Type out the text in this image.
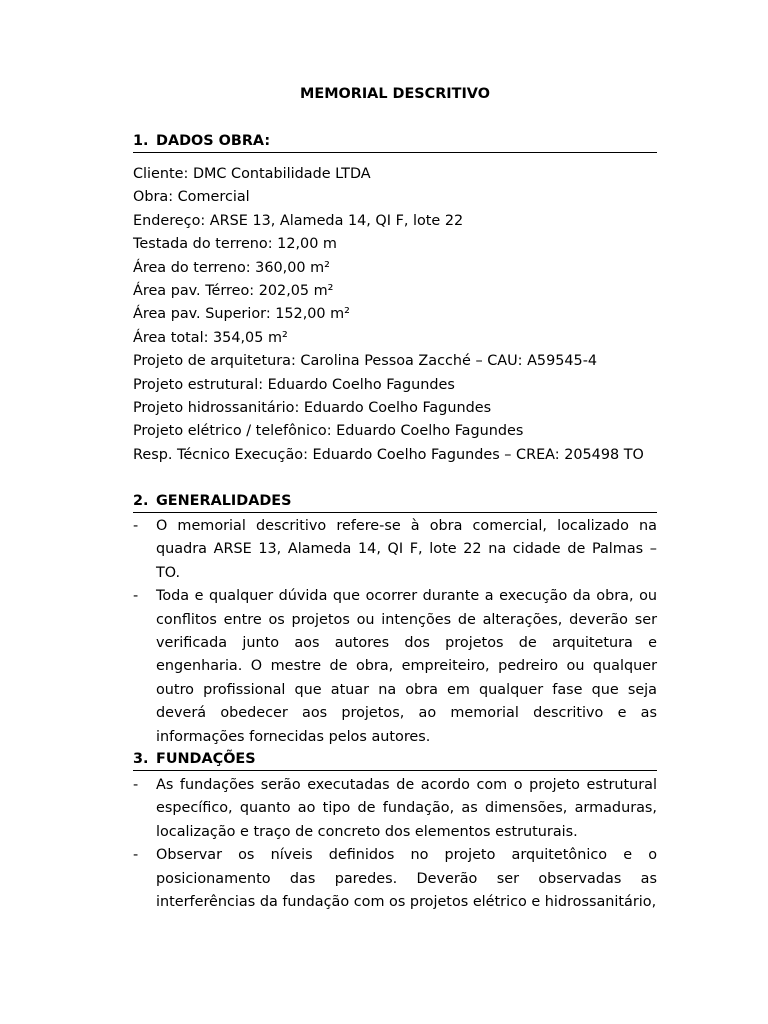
MEMORIAL DESCRITIVO
1. DADOS OBRA:
Cliente: DMC Contabilidade LTDA
Obra: Comercial
Endereço: ARSE 13, Alameda 14, QI F, lote 22
Testada do terreno: 12,00 m
Área do terreno: 360,00 m²
Área pav. Térreo: 202,05 m²
Área pav. Superior: 152,00 m²
Área total: 354,05 m²
Projeto de arquitetura: Carolina Pessoa Zacché – CAU: A59545-4
Projeto estrutural: Eduardo Coelho Fagundes
Projeto hidrossanitário: Eduardo Coelho Fagundes
Projeto elétrico / telefônico: Eduardo Coelho Fagundes
Resp. Técnico Execução: Eduardo Coelho Fagundes – CREA: 205498 TO
2. GENERALIDADES
- O memorial descritivo refere-se à obra comercial, localizado na quadra ARSE 13, Alameda 14, QI F, lote 22 na cidade de Palmas – TO.
- Toda e qualquer dúvida que ocorrer durante a execução da obra, ou conflitos entre os projetos ou intenções de alterações, deverão ser verificada junto aos autores dos projetos de arquitetura e engenharia. O mestre de obra, empreiteiro, pedreiro ou qualquer outro profissional que atuar na obra em qualquer fase que seja deverá obedecer aos projetos, ao memorial descritivo e as informações fornecidas pelos autores.
3. FUNDAÇÕES
- As fundações serão executadas de acordo com o projeto estrutural específico, quanto ao tipo de fundação, as dimensões, armaduras, localização e traço de concreto dos elementos estruturais.
- Observar os níveis definidos no projeto arquitetônico e o posicionamento das paredes. Deverão ser observadas as interferências da fundação com os projetos elétrico e hidrossanitário,
